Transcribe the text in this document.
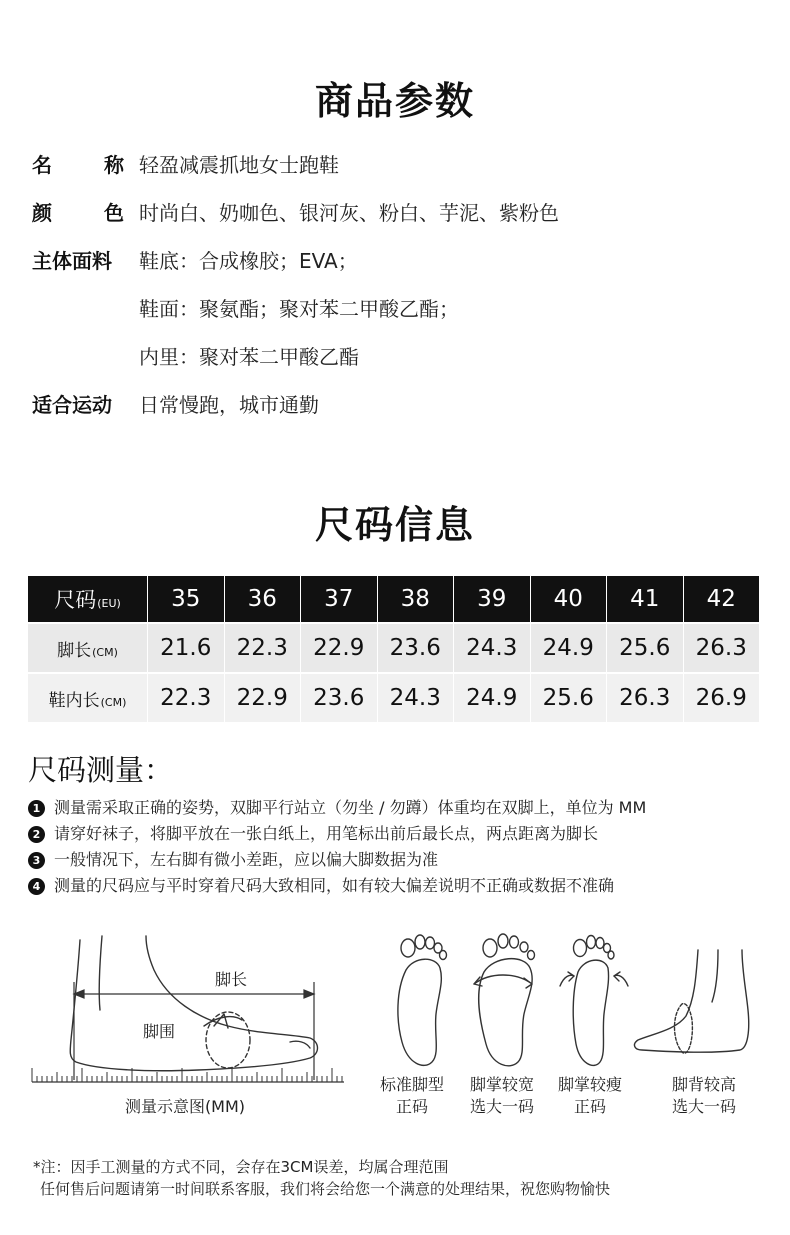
商品参数
名	称 轻盈减震抓地女士跑鞋
颜	色 时尚白、奶咖色、银河灰、粉白、芋泥、紫粉色
主体面料	鞋底：合成橡胶；EVA；
鞋面：聚氨酯；聚对苯二甲酸乙酯；
内里：聚对苯二甲酸乙酯
适合运动	日常慢跑，城市通勤
尺码信息
尺码(EU)	35	36	37	38	39	40	41	42
脚长(CM)	21.6	22.3	22.9	23.6	24.3	24.9	25.6	26.3
鞋内长(CM)	22.3	22.9	23.6	24.3	24.9	25.6	26.3	26.9
尺码测量：
1 测量需采取正确的姿势，双脚平行站立（勿坐 / 勿蹲）体重均在双脚上，单位为 MM
2 请穿好袜子，将脚平放在一张白纸上，用笔标出前后最长点，两点距离为脚长
3 一般情况下，左右脚有微小差距，应以偏大脚数据为准
4 测量的尺码应与平时穿着尺码大致相同，如有较大偏差说明不正确或数据不准确
脚长
脚围
测量示意图(MM)
标准脚型
正码
脚掌较宽
选大一码
脚掌较瘦
正码
脚背较高
选大一码
*注：因手工测量的方式不同，会存在3CM误差，均属合理范围
任何售后问题请第一时间联系客服，我们将会给您一个满意的处理结果，祝您购物愉快
